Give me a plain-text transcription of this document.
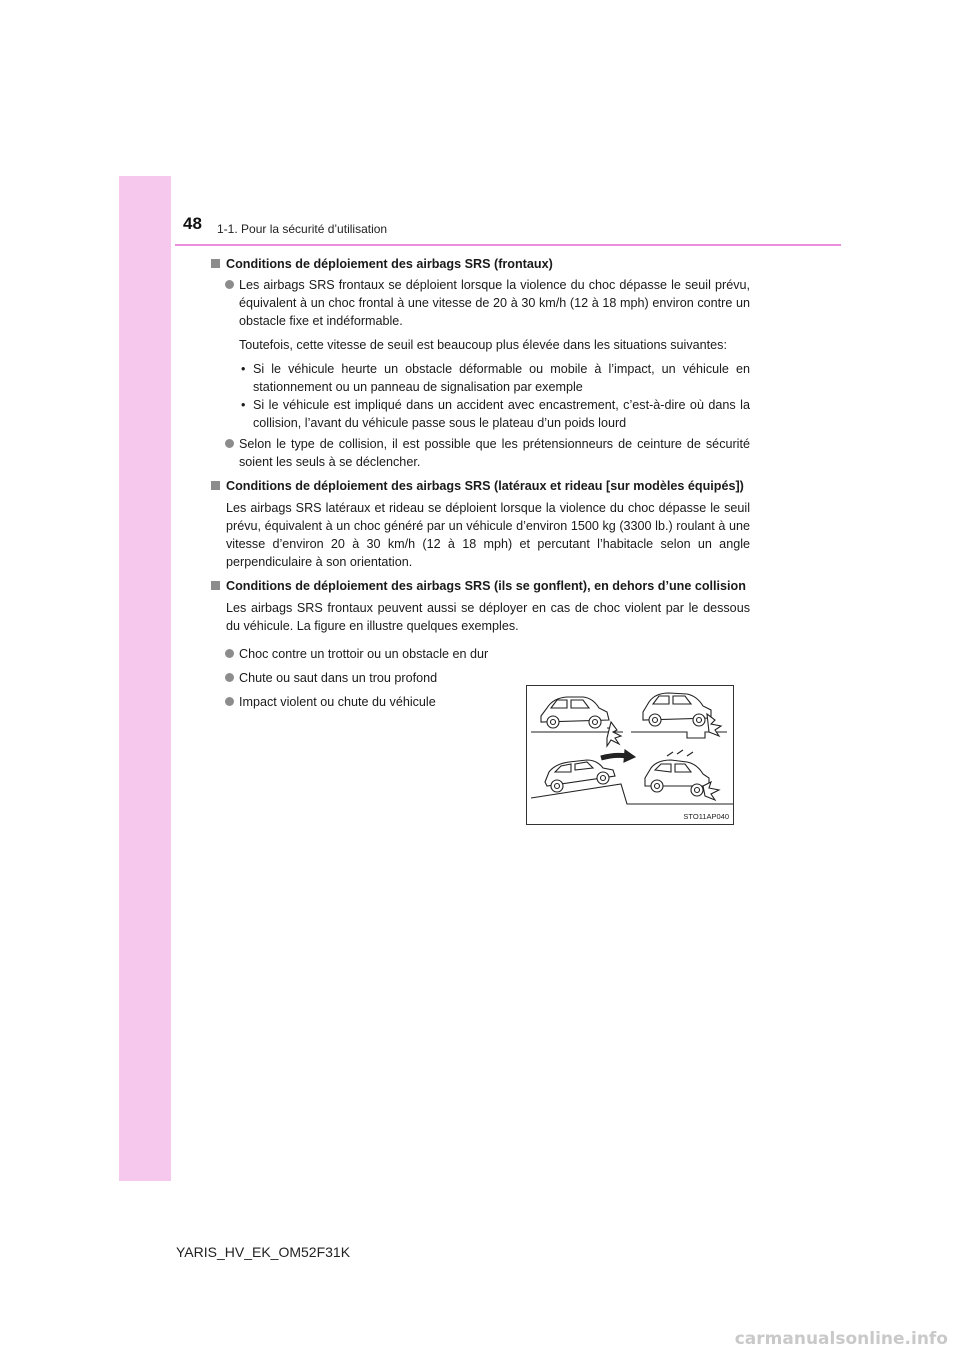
48 1-1. Pour la sécurité d’utilisation
Conditions de déploiement des airbags SRS (frontaux)
Les airbags SRS frontaux se déploient lorsque la violence du choc dépasse le seuil prévu, équivalent à un choc frontal à une vitesse de 20 à 30 km/h (12 à 18 mph) environ contre un obstacle fixe et indéformable.
Toutefois, cette vitesse de seuil est beaucoup plus élevée dans les situations suivantes:
• Si le véhicule heurte un obstacle déformable ou mobile à l’impact, un véhicule en stationnement ou un panneau de signalisation par exemple
• Si le véhicule est impliqué dans un accident avec encastrement, c’est-à-dire où dans la collision, l’avant du véhicule passe sous le plateau d’un poids lourd
Selon le type de collision, il est possible que les prétensionneurs de ceinture de sécurité soient les seuls à se déclencher.
Conditions de déploiement des airbags SRS (latéraux et rideau [sur modèles équipés])
Les airbags SRS latéraux et rideau se déploient lorsque la violence du choc dépasse le seuil prévu, équivalent à un choc généré par un véhicule d’environ 1500 kg (3300 lb.) roulant à une vitesse d’environ 20 à 30 km/h (12 à 18 mph) et percutant l’habitacle selon un angle perpendiculaire à son orientation.
Conditions de déploiement des airbags SRS (ils se gonflent), en dehors d’une collision
Les airbags SRS frontaux peuvent aussi se déployer en cas de choc violent par le dessous du véhicule. La figure en illustre quelques exemples.
Choc contre un trottoir ou un obstacle en dur
Chute ou saut dans un trou profond
Impact violent ou chute du véhicule
STO11AP040
YARIS_HV_EK_OM52F31K
carmanualsonline.info
